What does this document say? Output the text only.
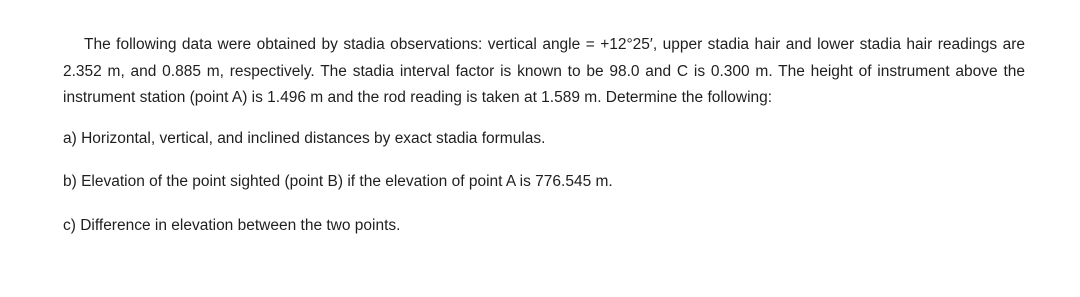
The following data were obtained by stadia observations: vertical angle = +12°25′, upper stadia hair and lower stadia hair readings are 2.352 m, and 0.885 m, respectively. The stadia interval factor is known to be 98.0 and C is 0.300 m. The height of instrument above the instrument station (point A) is 1.496 m and the rod reading is taken at 1.589 m. Determine the following:

a) Horizontal, vertical, and inclined distances by exact stadia formulas.

b) Elevation of the point sighted (point B) if the elevation of point A is 776.545 m.

c) Difference in elevation between the two points.
